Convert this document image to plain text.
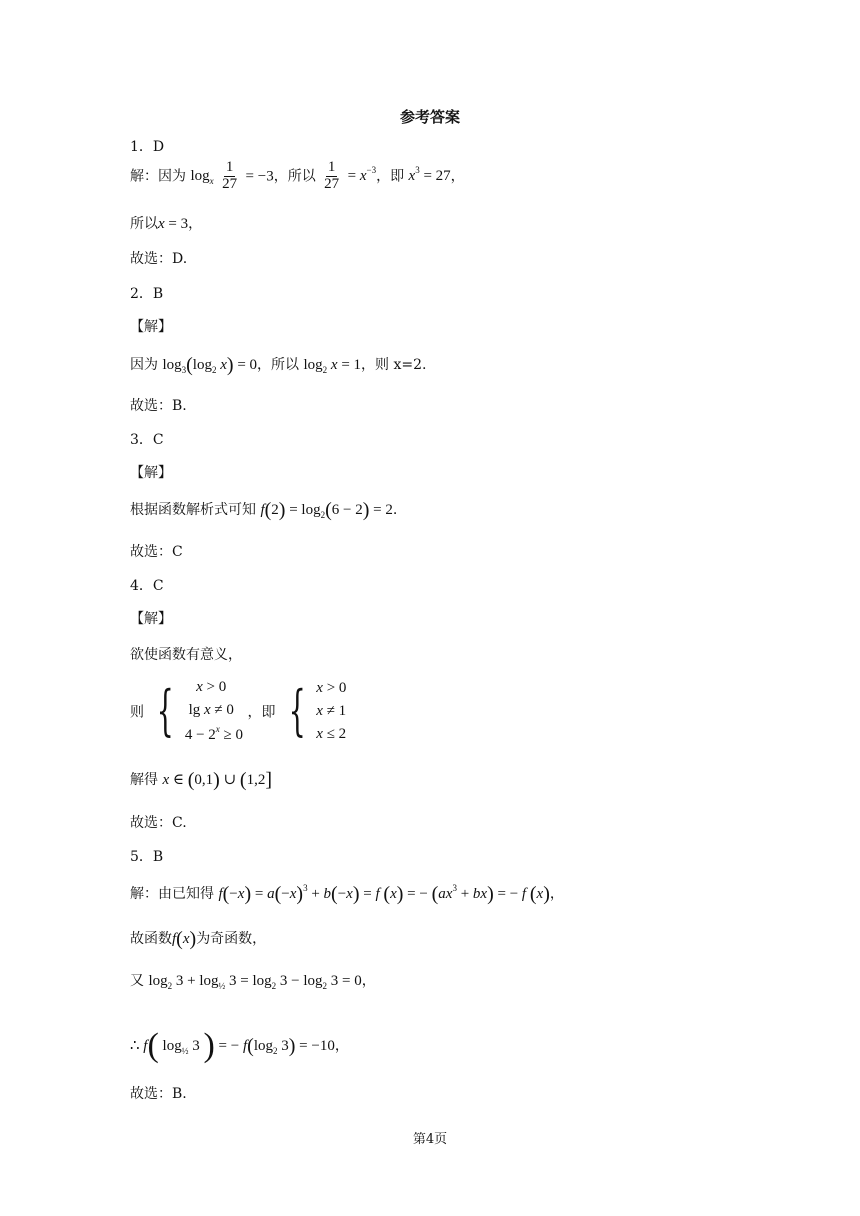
参考答案
1．D
解：因为 $\log_x \frac{1}{27} = -3$，所以 $\frac{1}{27} = x^{-3}$，即 $x^3 = 27$，
所以x = 3，
故选：D.
2．B
【解】
因为 $\log_3(\log_2$ x) = 0，所以 $\log_2 x = 1$，则 x=2.
故选：B.
3．C
【解】
根据函数解析式可知 $f(2) = \log_2(6 - 2) = 2$.
故选：C
4．C
【解】
欲使函数有意义，
则 {	x > 0
lg x ≠ 0
$4 - 2^x \ge 0$
，即 { x > 0
x ≠ 1
x ≤ 2
解得 x ∈ (0,1) ∪ (1,2]
故选：C.
5．B
解：由已知得 $f(-x) = a(-x)^3 + b(-x) = f$ (x) = − $(ax^3 + bx)$ = − f (x)，
故函数f(x)为奇函数，
又 $\log_2 3 + \log_{\frac{1}{2}} 3 = \log_2 3 - \log_2 3 = 0$，
∴ f( $\log_{\frac{1}{2}} 3$ ) = − $f(\log_2$ 3) = −10，
故选：B.
第4页
